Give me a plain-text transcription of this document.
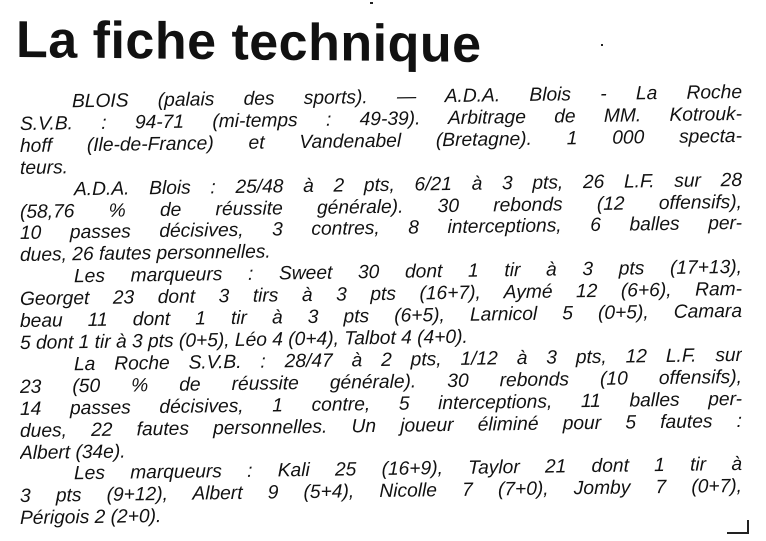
La fiche technique
BLOIS (palais des sports). — A.D.A. Blois - La Roche
S.V.B. : 94-71 (mi-temps : 49-39). Arbitrage de MM. Kotrouk-
hoff (Ile-de-France) et Vandenabel (Bretagne). 1 000 specta-
teurs.
A.D.A. Blois : 25/48 à 2 pts, 6/21 à 3 pts, 26 L.F. sur 28
(58,76 % de réussite générale). 30 rebonds (12 offensifs),
10 passes décisives, 3 contres, 8 interceptions, 6 balles per-
dues, 26 fautes personnelles.
Les marqueurs : Sweet 30 dont 1 tir à 3 pts (17+13),
Georget 23 dont 3 tirs à 3 pts (16+7), Aymé 12 (6+6), Ram-
beau 11 dont 1 tir à 3 pts (6+5), Larnicol 5 (0+5), Camara
5 dont 1 tir à 3 pts (0+5), Léo 4 (0+4), Talbot 4 (4+0).
La Roche S.V.B. : 28/47 à 2 pts, 1/12 à 3 pts, 12 L.F. sur
23 (50 % de réussite générale). 30 rebonds (10 offensifs),
14 passes décisives, 1 contre, 5 interceptions, 11 balles per-
dues, 22 fautes personnelles. Un joueur éliminé pour 5 fautes :
Albert (34e).
Les marqueurs : Kali 25 (16+9), Taylor 21 dont 1 tir à
3 pts (9+12), Albert 9 (5+4), Nicolle 7 (7+0), Jomby 7 (0+7),
Périgois 2 (2+0).
